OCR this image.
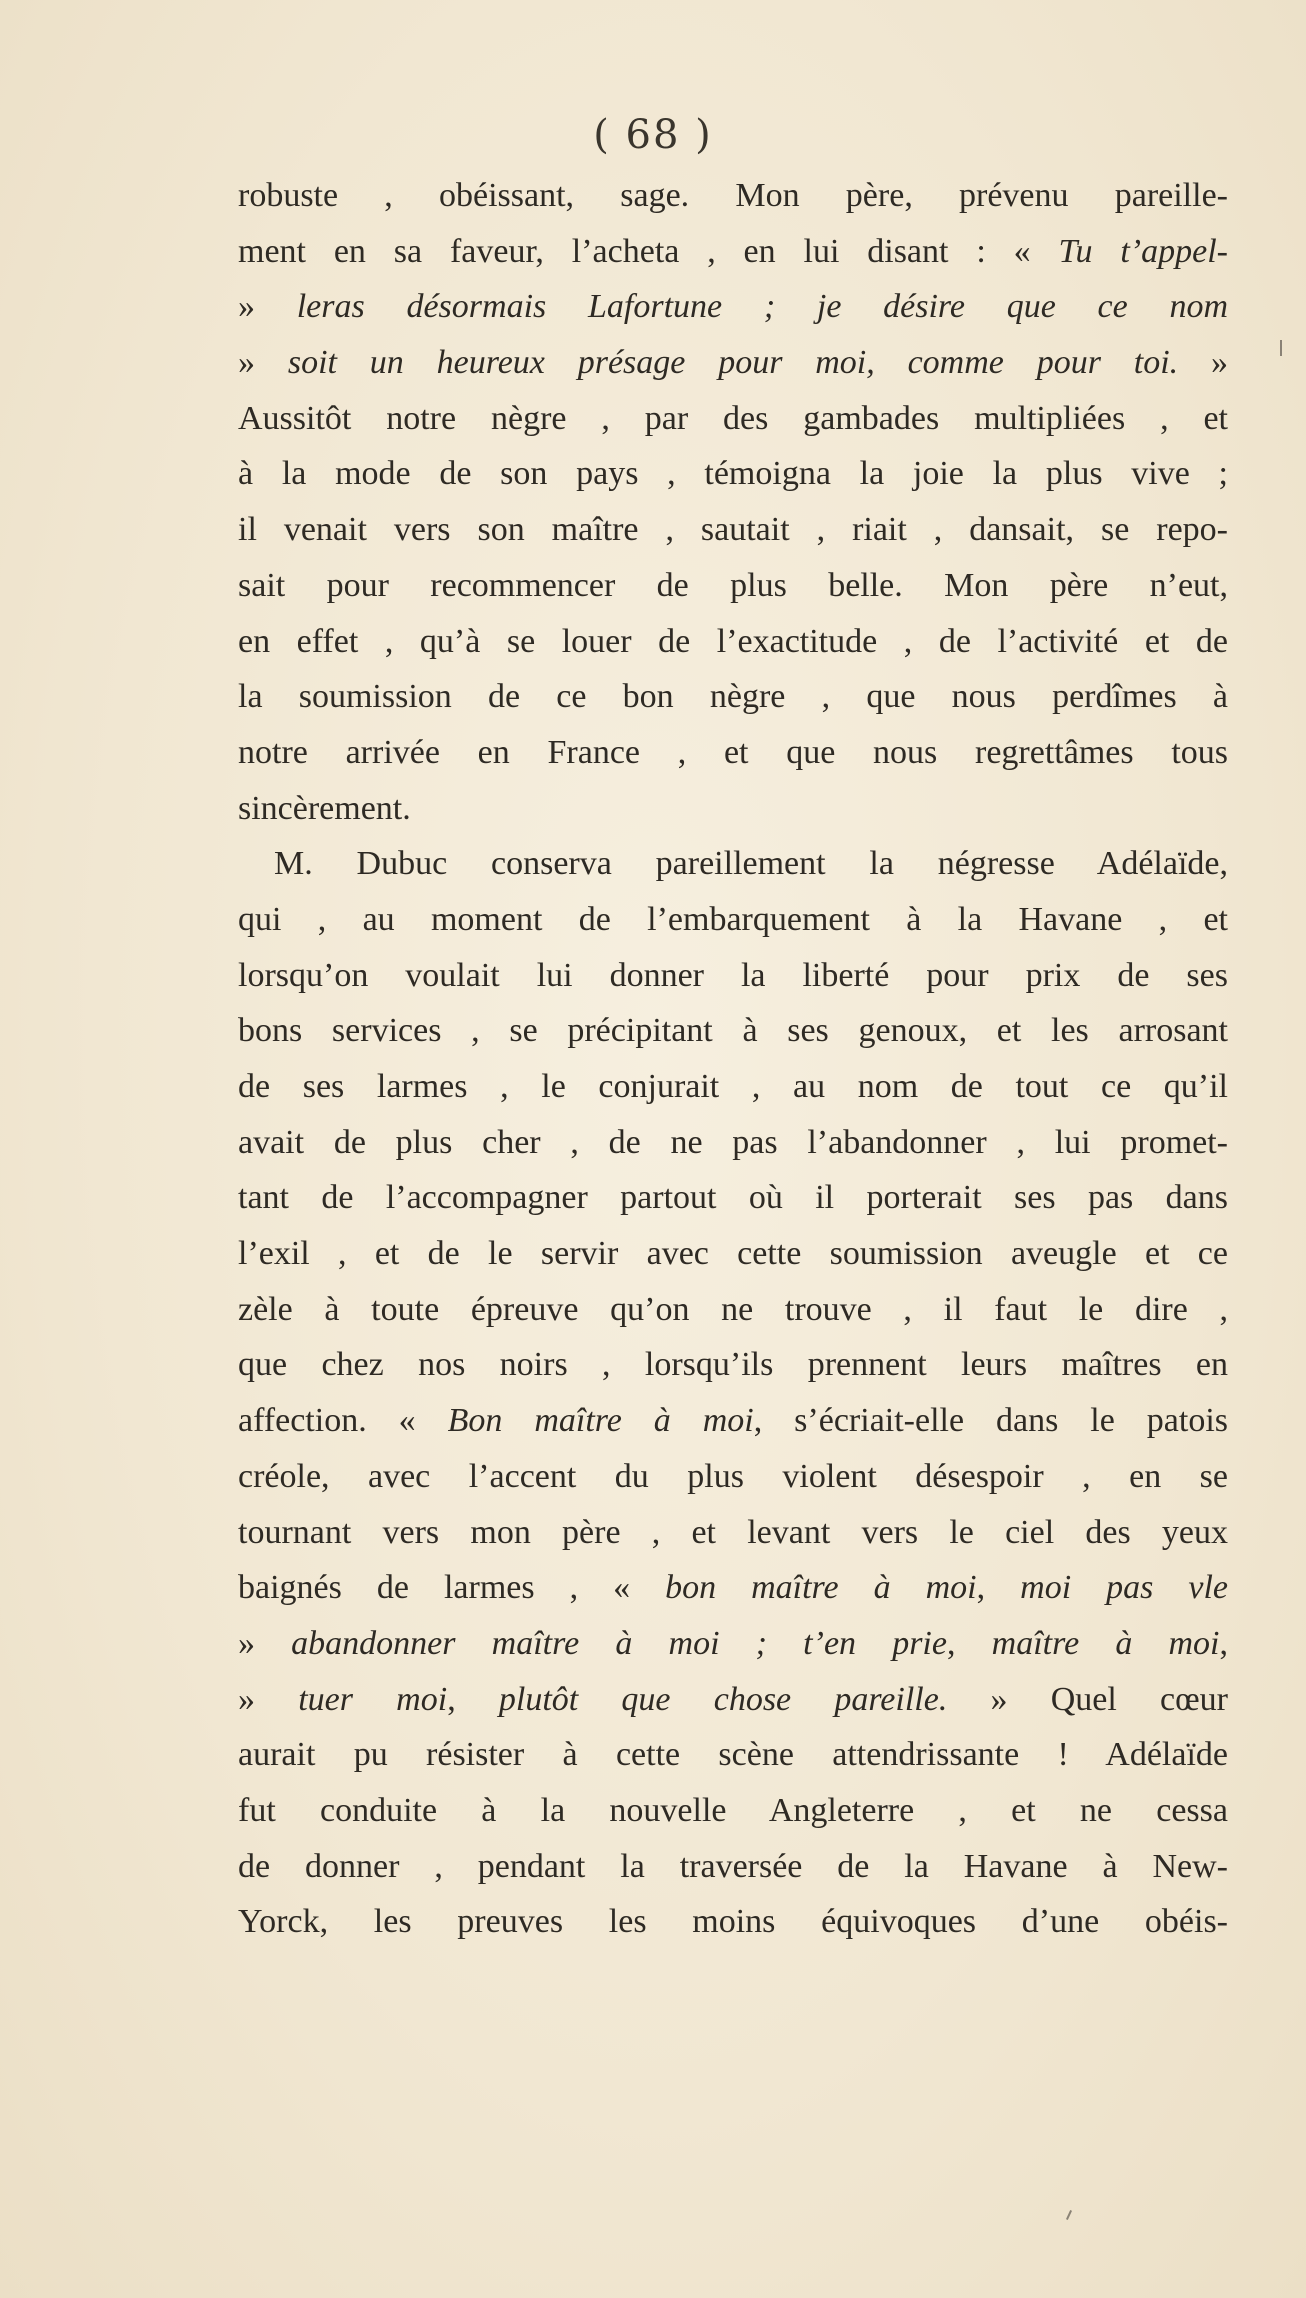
( 68 )
robuste , obéissant, sage. Mon père, prévenu pareille-
ment en sa faveur, l’acheta , en lui disant : « Tu t’appel-
» leras désormais Lafortune ; je désire que ce nom
» soit un heureux présage pour moi, comme pour toi. »
Aussitôt notre nègre , par des gambades multipliées , et
à la mode de son pays , témoigna la joie la plus vive ;
il venait vers son maître , sautait , riait , dansait, se repo-
sait pour recommencer de plus belle. Mon père n’eut,
en effet , qu’à se louer de l’exactitude , de l’activité et de
la soumission de ce bon nègre , que nous perdîmes à
notre arrivée en France , et que nous regrettâmes tous
sincèrement.
M. Dubuc conserva pareillement la négresse Adélaïde,
qui , au moment de l’embarquement à la Havane , et
lorsqu’on voulait lui donner la liberté pour prix de ses
bons services , se précipitant à ses genoux, et les arrosant
de ses larmes , le conjurait , au nom de tout ce qu’il
avait de plus cher , de ne pas l’abandonner , lui promet-
tant de l’accompagner partout où il porterait ses pas dans
l’exil , et de le servir avec cette soumission aveugle et ce
zèle à toute épreuve qu’on ne trouve , il faut le dire ,
que chez nos noirs , lorsqu’ils prennent leurs maîtres en
affection. « Bon maître à moi, s’écriait-elle dans le patois
créole, avec l’accent du plus violent désespoir , en se
tournant vers mon père , et levant vers le ciel des yeux
baignés de larmes , « bon maître à moi, moi pas vle
» abandonner maître à moi ; t’en prie, maître à moi,
» tuer moi, plutôt que chose pareille. » Quel cœur
aurait pu résister à cette scène attendrissante ! Adélaïde
fut conduite à la nouvelle Angleterre , et ne cessa
de donner , pendant la traversée de la Havane à New-
Yorck, les preuves les moins équivoques d’une obéis-
